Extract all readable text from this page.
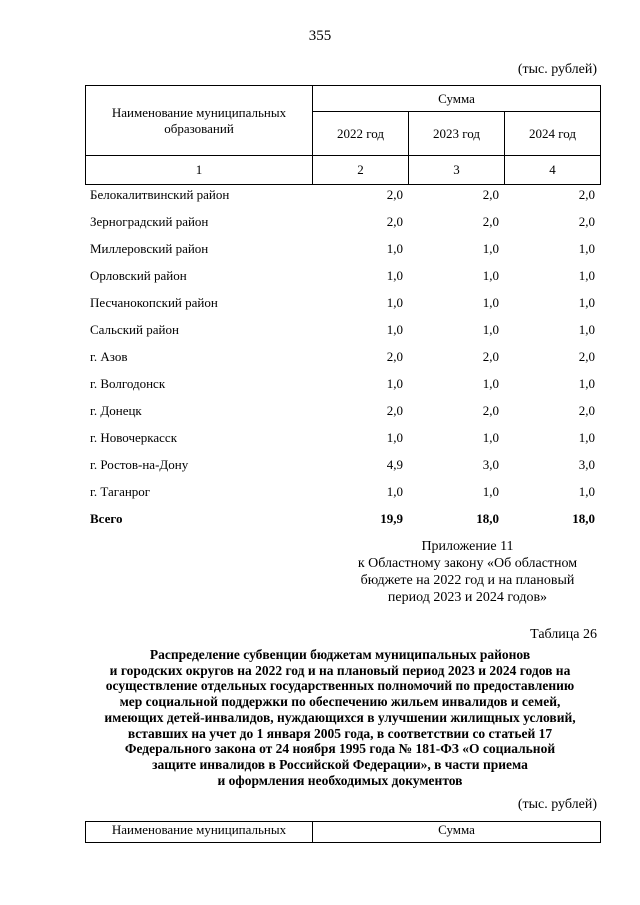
355
(тыс. рублей)
Наименование муниципальных образований	Сумма		
	2022 год	2023 год	2024 год
1	2	3	4
Белокалитвинский район	2,0	2,0	2,0
Зерноградский район	2,0	2,0	2,0
Миллеровский район	1,0	1,0	1,0
Орловский район	1,0	1,0	1,0
Песчанокопский район	1,0	1,0	1,0
Сальский район	1,0	1,0	1,0
г. Азов	2,0	2,0	2,0
г. Волгодонск	1,0	1,0	1,0
г. Донецк	2,0	2,0	2,0
г. Новочеркасск	1,0	1,0	1,0
г. Ростов-на-Дону	4,9	3,0	3,0
г. Таганрог	1,0	1,0	1,0
Всего	19,9	18,0	18,0
Приложение 11
к Областному закону «Об областном
бюджете на 2022 год и на плановый
период 2023 и 2024 годов»
Таблица 26
Распределение субвенции бюджетам муниципальных районов
и городских округов на 2022 год и на плановый период 2023 и 2024 годов на
осуществление отдельных государственных полномочий по предоставлению
мер социальной поддержки по обеспечению жильем инвалидов и семей,
имеющих детей-инвалидов, нуждающихся в улучшении жилищных условий,
вставших на учет до 1 января 2005 года, в соответствии со статьей 17
Федерального закона от 24 ноября 1995 года № 181-ФЗ «О социальной
защите инвалидов в Российской Федерации», в части приема
и оформления необходимых документов
(тыс. рублей)
Наименование муниципальных	Сумма
